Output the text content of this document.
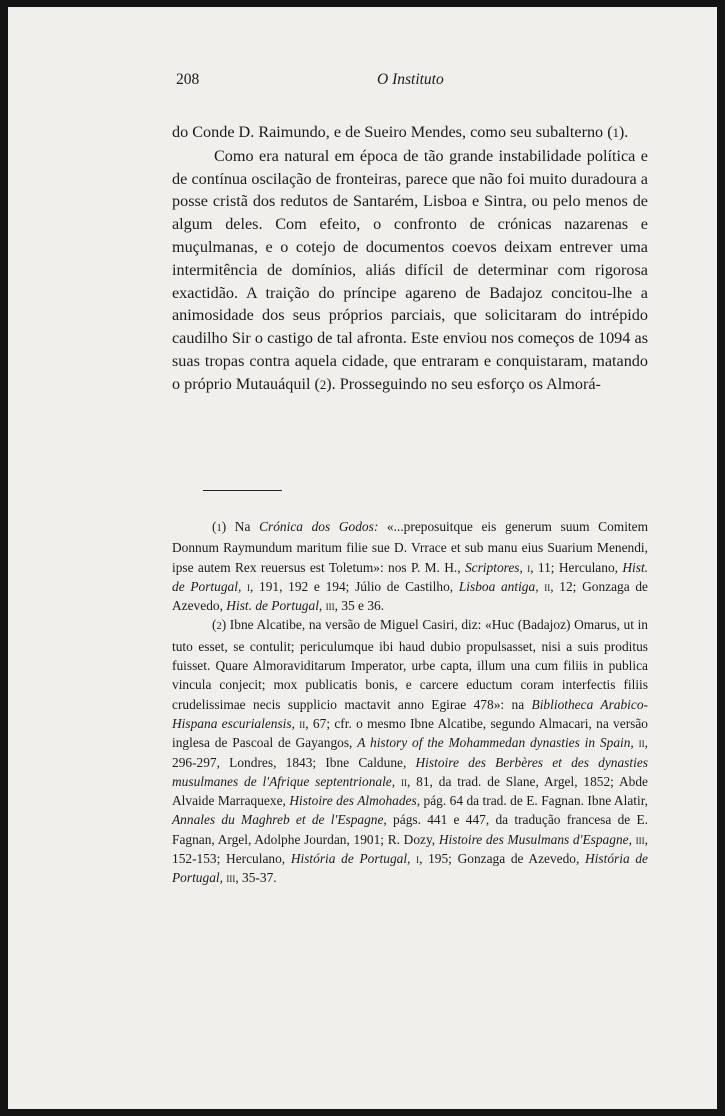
208	O Instituto

do Conde D. Raimundo, e de Sueiro Mendes, como seu subalterno (1).

Como era natural em época de tão grande instabilidade política e de contínua oscilação de fronteiras, parece que não foi muito duradoura a posse cristã dos redutos de Santarém, Lisboa e Sintra, ou pelo menos de algum deles. Com efeito, o confronto de crónicas nazarenas e muçulmanas, e o cotejo de documentos coevos deixam entrever uma intermitência de domínios, aliás difícil de determinar com rigorosa exactidão. A traição do príncipe agareno de Badajoz concitou-lhe a animosidade dos seus próprios parciais, que solicitaram do intrépido caudilho Sir o castigo de tal afronta. Este enviou nos começos de 1094 as suas tropas contra aquela cidade, que entraram e conquistaram, matando o próprio Mutauáquil (2). Prosseguindo no seu esforço os Almorá-

(1) Na Crónica dos Godos: «...preposuitque eis generum suum Comitem Donnum Raymundum maritum filie sue D. Vrrace et sub manu eius Suarium Menendi, ipse autem Rex reuersus est Toletum»: nos P. M. H., Scriptores, i, 11; Herculano, Hist. de Portugal, i, 191, 192 e 194; Júlio de Castilho, Lisboa antiga, ii, 12; Gonzaga de Azevedo, Hist. de Portugal, iii, 35 e 36.

(2) Ibne Alcatibe, na versão de Miguel Casiri, diz: «Huc (Badajoz) Omarus, ut in tuto esset, se contulit; periculumque ibi haud dubio propulsasset, nisi a suis proditus fuisset. Quare Almoraviditarum Imperator, urbe capta, illum una cum filiis in publica vincula conjecit; mox publicatis bonis, e carcere eductum coram interfectis filiis crudelissimae necis supplicio mactavit anno Egirae 478»: na Bibliotheca Arabico-Hispana escurialensis, ii, 67; cfr. o mesmo Ibne Alcatibe, segundo Almacari, na versão inglesa de Pascoal de Gayangos, A history of the Mohammedan dynasties in Spain, ii, 296-297, Londres, 1843; Ibne Caldune, Histoire des Berbères et des dynasties musulmanes de l'Afrique septentrionale, ii, 81, da trad. de Slane, Argel, 1852; Abde Alvaide Marraquexe, Histoire des Almohades, pág. 64 da trad. de E. Fagnan. Ibne Alatir, Annales du Maghreb et de l'Espagne, págs. 441 e 447, da tradução francesa de E. Fagnan, Argel, Adolphe Jourdan, 1901; R. Dozy, Histoire des Musulmans d'Espagne, iii, 152-153; Herculano, História de Portugal, i, 195; Gonzaga de Azevedo, História de Portugal, iii, 35-37.
